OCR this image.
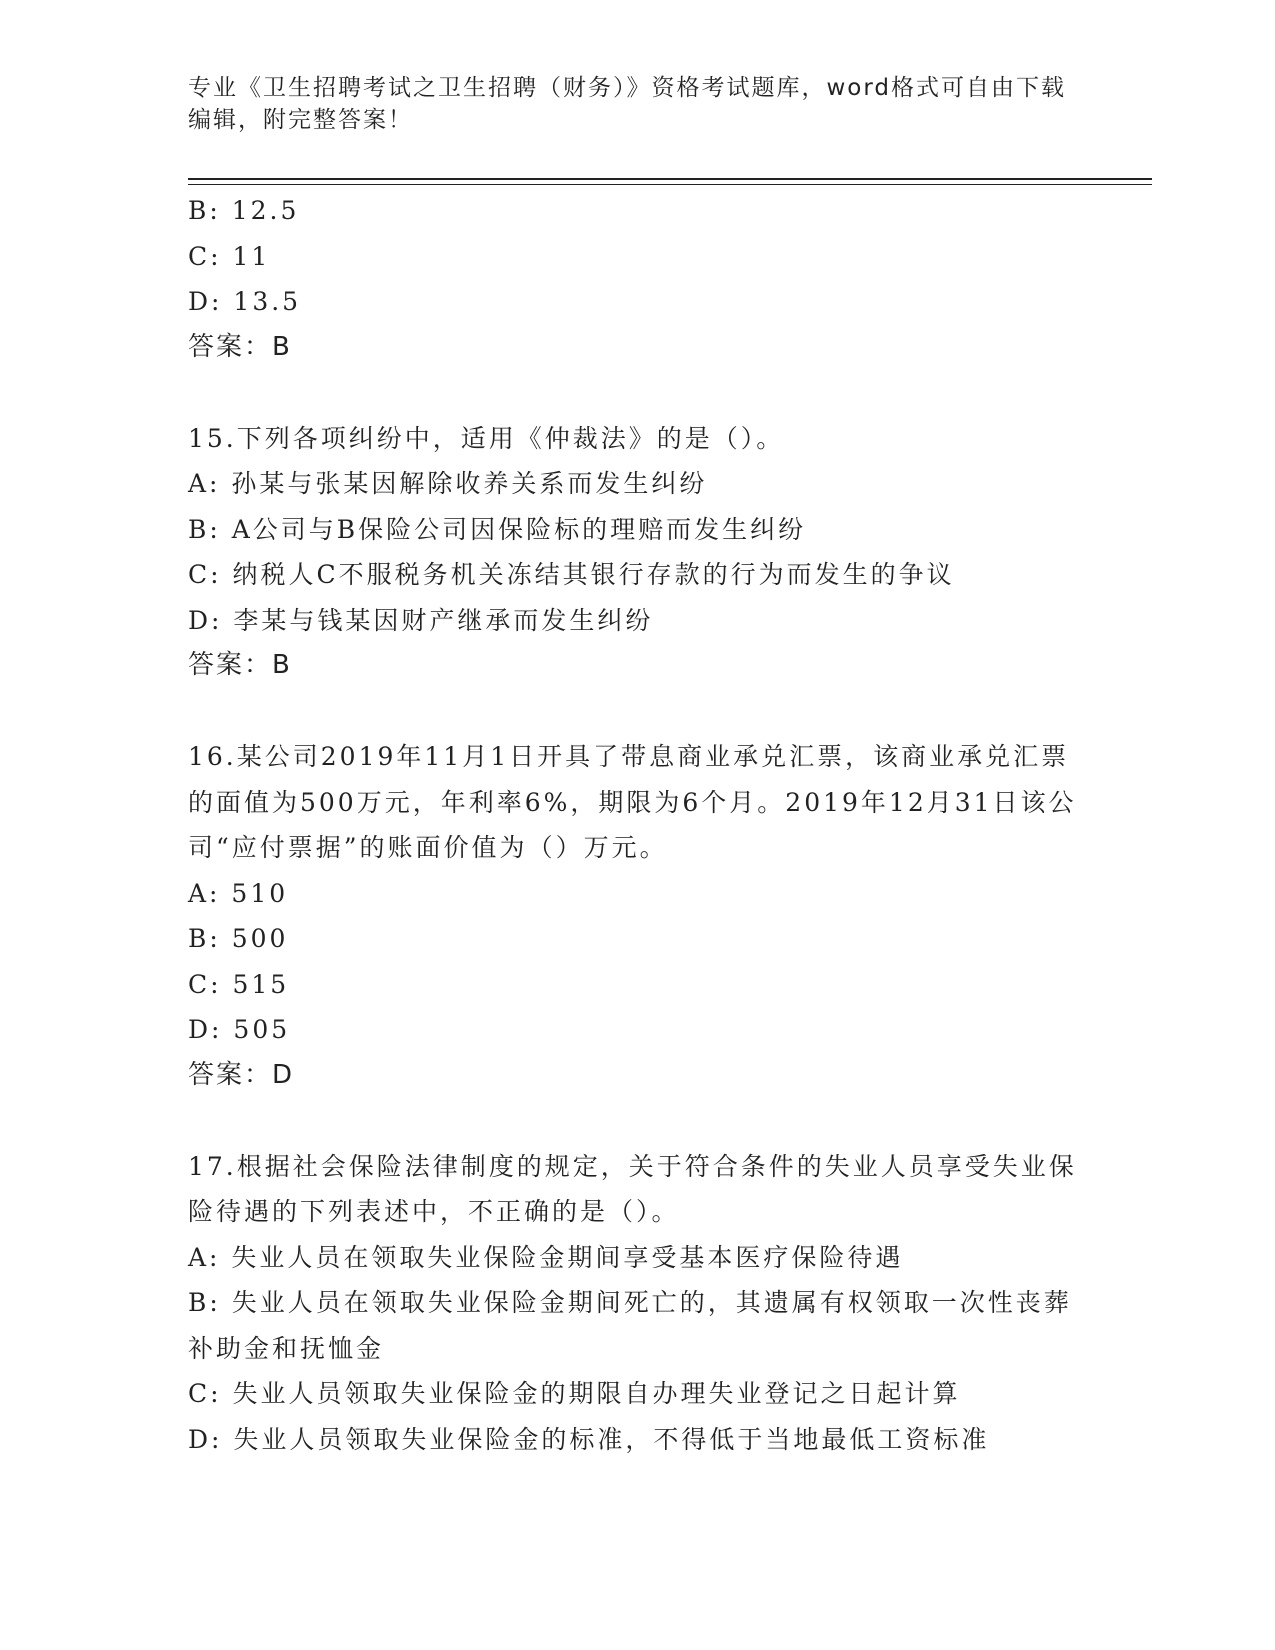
专业《卫生招聘考试之卫生招聘（财务）》资格考试题库，word格式可自由下载编辑，附完整答案！
B: 12.5
C: 11
D: 13.5
答案：B
15.下列各项纠纷中，适用《仲裁法》的是（）。
A: 孙某与张某因解除收养关系而发生纠纷
B: A公司与B保险公司因保险标的理赔而发生纠纷
C: 纳税人C不服税务机关冻结其银行存款的行为而发生的争议
D: 李某与钱某因财产继承而发生纠纷
答案：B
16.某公司2019年11月1日开具了带息商业承兑汇票，该商业承兑汇票的面值为500万元，年利率6%，期限为6个月。2019年12月31日该公司“应付票据”的账面价值为（）万元。
A: 510
B: 500
C: 515
D: 505
答案：D
17.根据社会保险法律制度的规定，关于符合条件的失业人员享受失业保险待遇的下列表述中，不正确的是（）。
A: 失业人员在领取失业保险金期间享受基本医疗保险待遇
B: 失业人员在领取失业保险金期间死亡的，其遗属有权领取一次性丧葬补助金和抚恤金
C: 失业人员领取失业保险金的期限自办理失业登记之日起计算
D: 失业人员领取失业保险金的标准，不得低于当地最低工资标准
